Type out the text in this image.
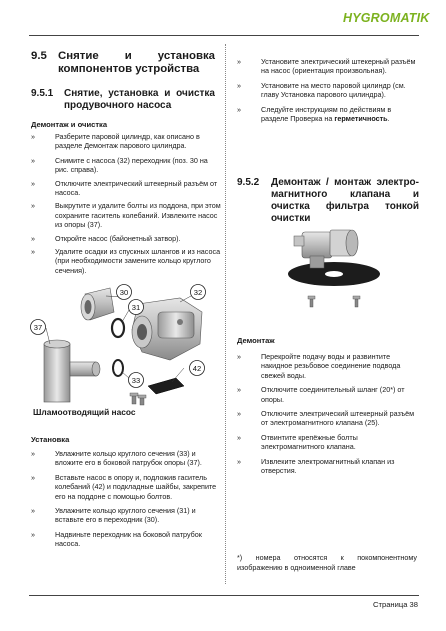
HYGROMATIK
9.5 Снятие и установка компонентов устройства
9.5.1 Снятие, установка и очистка продувочного насоса
Демонтаж и очистка
»	Разберите паровой цилиндр, как описано в разделе Демонтаж парового цилиндра.
»	Снимите с насоса (32) переходник (поз. 30 на рис. справа).
»	Отключите электрический штекерный разъём от насоса.
»	Выкрутите и удалите болты из поддона, при этом сохраните гаситель колебаний. Извлеките насос из опоры (37).
»	Откройте насос (байонетный затвор).
»	Удалите осадки из спускных шлангов и из насоса (при необходимости замените кольцо круглого сечения).
30
31
32
37
42
33
Шламоотводящий насос
Установка
»	Увлажните кольцо круглого сечения (33) и вложите его в боковой патрубок опоры (37).
»	Вставьте насос в опору и, подложив гаситель колебаний (42) и подкладные шайбы, закрепите его на поддоне с помощью болтов.
»	Увлажните кольцо круглого сечения (31) и вставьте его в переходник (30).
»	Надвиньте переходник на боковой патрубок насоса.
»	Установите электрический штекерный разъём на насос (ориентация произвольная).
»	Установите на место паровой цилиндр (см. главу Установка парового цилиндра).
»	Следуйте инструкциям по действиям в разделе Проверка на герметичность.
9.5.2 Демонтаж / монтаж электро-магнитного клапана и очистка фильтра тонкой очистки
Демонтаж
»	Перекройте подачу воды и развинтите накидное резьбовое соединение подвода свежей воды.
»	Отключите соединительный шланг (20*) от опоры.
»	Отключите электрический штекерный разъём от электромагнитного клапана (25).
»	Отвинтите крепёжные болты электромагнитного клапана.
»	Извлеките электромагнитный клапан из отверстия.
*) номера относятся к покомпонентному изображению в одноименной главе
Страница 38
